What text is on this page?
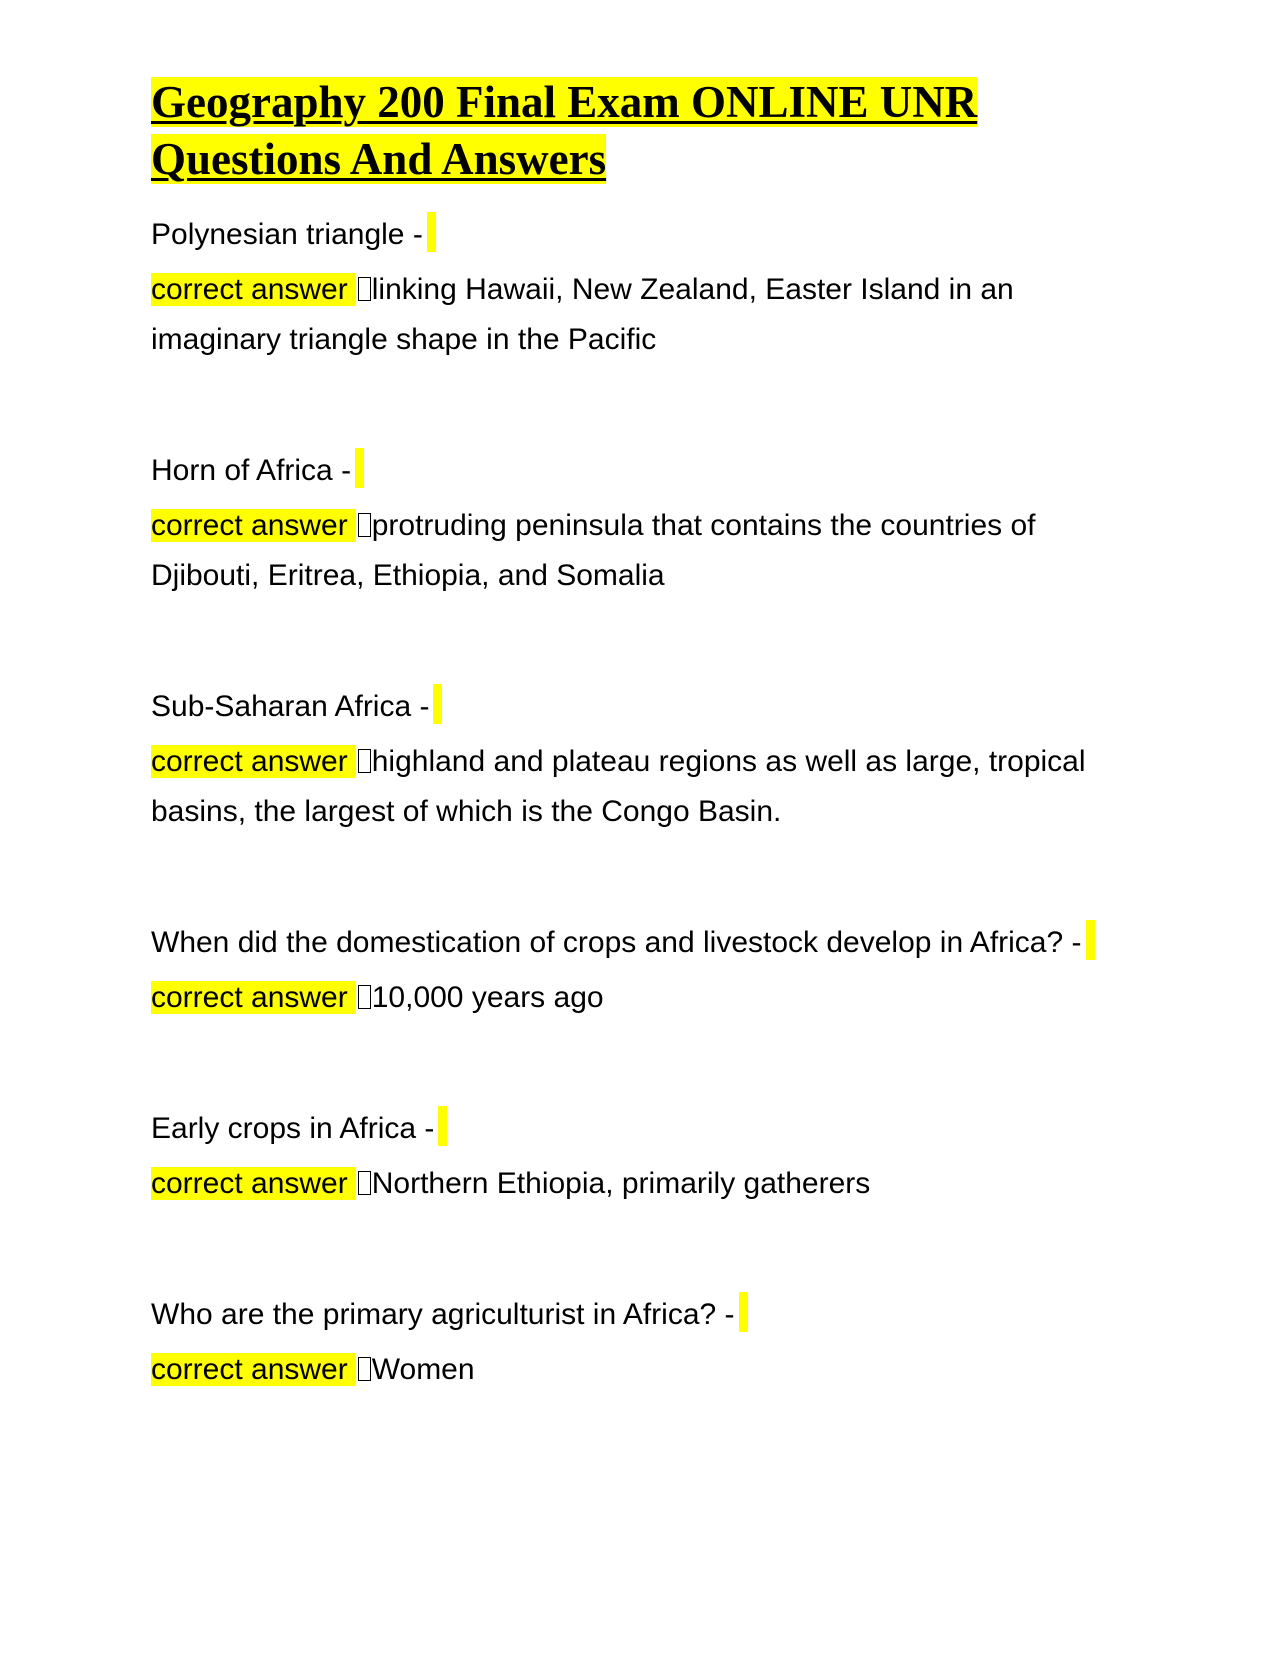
Geography 200 Final Exam ONLINE UNR Questions And Answers

Polynesian triangle -

correct answer linking Hawaii, New Zealand, Easter Island in an imaginary triangle shape in the Pacific

Horn of Africa -

correct answer protruding peninsula that contains the countries of Djibouti, Eritrea, Ethiopia, and Somalia

Sub-Saharan Africa -

correct answer highland and plateau regions as well as large, tropical basins, the largest of which is the Congo Basin.

When did the domestication of crops and livestock develop in Africa? -

correct answer 10,000 years ago

Early crops in Africa -

correct answer Northern Ethiopia, primarily gatherers

Who are the primary agriculturist in Africa? -

correct answer Women
